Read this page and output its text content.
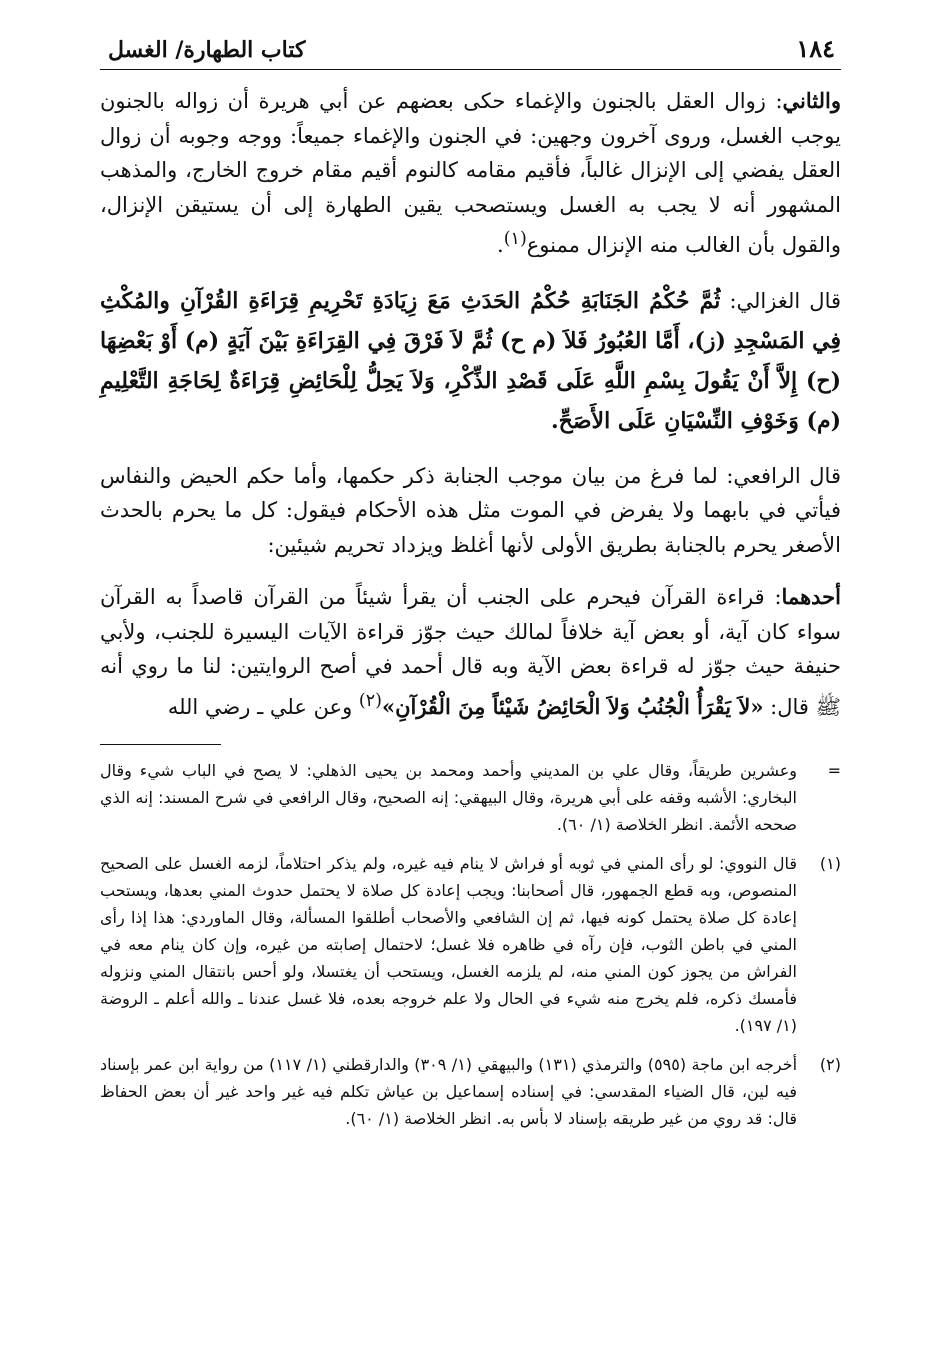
١٨٤
كتاب الطهارة/ الغسل

والثاني: زوال العقل بالجنون والإغماء حكى بعضهم عن أبي هريرة أن زواله بالجنون يوجب الغسل، وروى آخرون وجهين: في الجنون والإغماء جميعاً: ووجه وجوبه أن زوال العقل يفضي إلى الإنزال غالباً، فأقيم مقامه كالنوم أقيم مقام خروج الخارج، والمذهب المشهور أنه لا يجب به الغسل ويستصحب يقين الطهارة إلى أن يستيقن الإنزال، والقول بأن الغالب منه الإنزال ممنوع$^{(١)}$.

قال الغزالي: ثُمَّ حُكْمُ الجَنَابَةِ حُكْمُ الحَدَثِ مَعَ زِيَادَةِ تَحْرِيمِ قِرَاءَةِ القُرْآنِ والمُكْثِ فِي المَسْجِدِ (ز)، أَمَّا العُبُورُ فَلاَ (م ح) ثُمَّ لاَ فَرْقَ فِي القِرَاءَةِ بَيْنَ آيَةٍ (م) أَوْ بَعْضِهَا (ح) إِلاَّ أَنْ يَقُولَ بِسْمِ اللَّهِ عَلَى قَصْدِ الذِّكْرِ، وَلاَ يَحِلُّ لِلْحَائِضِ قِرَاءَةٌ لِحَاجَةِ التَّعْلِيمِ (م) وَخَوْفِ النِّسْيَانِ عَلَى الأَصَحِّ.

قال الرافعي: لما فرغ من بيان موجب الجنابة ذكر حكمها، وأما حكم الحيض والنفاس فيأتي في بابهما ولا يفرض في الموت مثل هذه الأحكام فيقول: كل ما يحرم بالحدث الأصغر يحرم بالجنابة بطريق الأولى لأنها أغلظ ويزداد تحريم شيئين:

أحدهما: قراءة القرآن فيحرم على الجنب أن يقرأ شيئاً من القرآن قاصداً به القرآن سواء كان آية، أو بعض آية خلافاً لمالك حيث جوّز قراءة الآيات اليسيرة للجنب، ولأبي حنيفة حيث جوّز له قراءة بعض الآية وبه قال أحمد في أصح الروايتين: لنا ما روي أنه ﷺ قال: «لاَ يَقْرَأُ الْجُنُبُ وَلاَ الْحَائِضُ شَيْئاً مِنَ الْقُرْآنِ»$^{(٢)}$ وعن علي ـ رضي الله

=
وعشرين طريقاً، وقال علي بن المديني وأحمد ومحمد بن يحيى الذهلي: لا يصح في الباب شيء وقال البخاري: الأشبه وقفه على أبي هريرة، وقال البيهقي: إنه الصحيح، وقال الرافعي في شرح المسند: إنه الذي صححه الأئمة. انظر الخلاصة (١/ ٦٠).
(١)
قال النووي: لو رأى المني في ثوبه أو فراش لا ينام فيه غيره، ولم يذكر احتلاماً، لزمه الغسل على الصحيح المنصوص، وبه قطع الجمهور، قال أصحابنا: ويجب إعادة كل صلاة لا يحتمل حدوث المني بعدها، ويستحب إعادة كل صلاة يحتمل كونه فيها، ثم إن الشافعي والأصحاب أطلقوا المسألة، وقال الماوردي: هذا إذا رأى المني في باطن الثوب، فإن رآه في ظاهره فلا غسل؛ لاحتمال إصابته من غيره، وإن كان ينام معه في الفراش من يجوز كون المني منه، لم يلزمه الغسل، ويستحب أن يغتسلا، ولو أحس بانتقال المني ونزوله فأمسك ذكره، فلم يخرج منه شيء في الحال ولا علم خروجه بعده، فلا غسل عندنا ـ والله أعلم ـ الروضة (١/ ١٩٧).
(٢)
أخرجه ابن ماجة (٥٩٥) والترمذي (١٣١) والبيهقي (١/ ٣٠٩) والدارقطني (١/ ١١٧) من رواية ابن عمر بإسناد فيه لين، قال الضياء المقدسي: في إسناده إسماعيل بن عياش تكلم فيه غير واحد غير أن بعض الحفاظ قال: قد روي من غير طريقه بإسناد لا بأس به. انظر الخلاصة (١/ ٦٠).
